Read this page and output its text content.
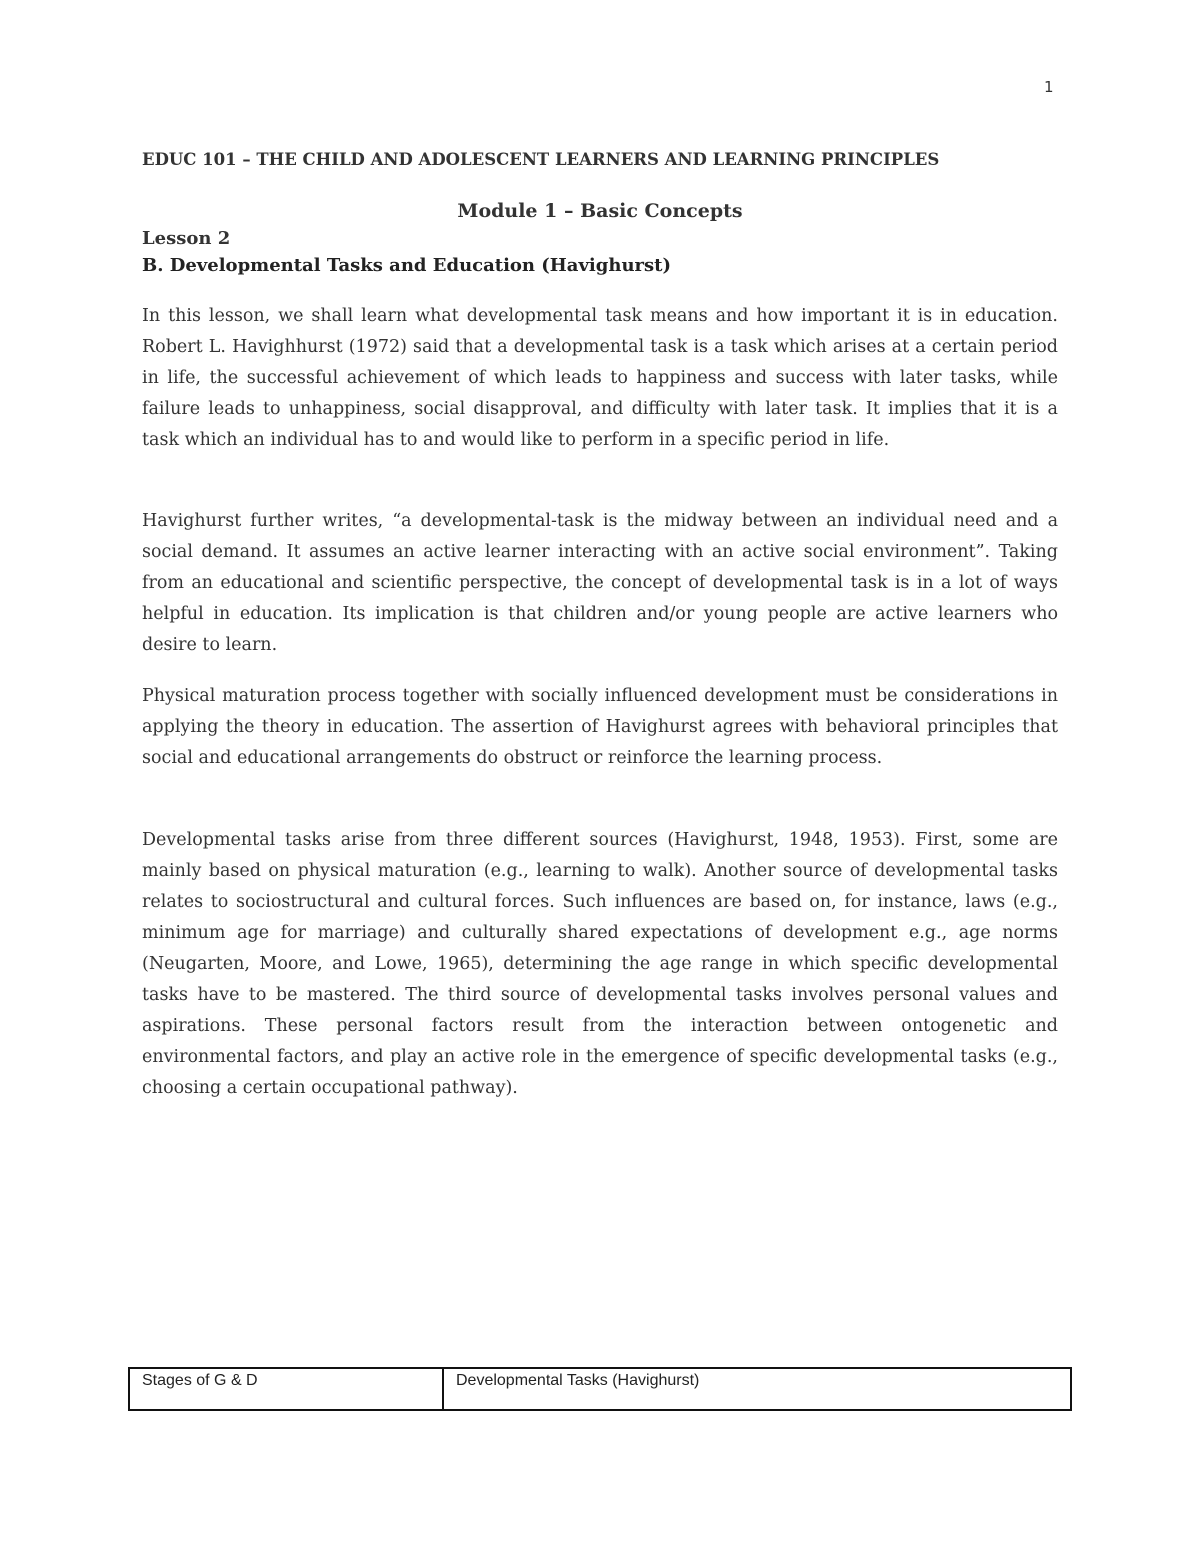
1
EDUC 101 – THE CHILD AND ADOLESCENT LEARNERS AND LEARNING PRINCIPLES
Module 1 – Basic Concepts
Lesson 2
B. Developmental Tasks and Education (Havighurst)

In this lesson, we shall learn what developmental task means and how important it is in education. Robert L. Havighhurst (1972) said that a developmental task is a task which arises at a certain period in life, the successful achievement of which leads to happiness and success with later tasks, while failure leads to unhappiness, social disapproval, and difficulty with later task. It implies that it is a task which an individual has to and would like to perform in a specific period in life.

Havighurst further writes, “a developmental-task is the midway between an individual need and a social demand. It assumes an active learner interacting with an active social environment”. Taking from an educational and scientific perspective, the concept of developmental task is in a lot of ways helpful in education. Its implication is that children and/or young people are active learners who desire to learn.

Physical maturation process together with socially influenced development must be considerations in applying the theory in education. The assertion of Havighurst agrees with behavioral principles that social and educational arrangements do obstruct or reinforce the learning process.

Developmental tasks arise from three different sources (Havighurst, 1948, 1953). First, some are mainly based on physical maturation (e.g., learning to walk). Another source of developmental tasks relates to sociostructural and cultural forces. Such influences are based on, for instance, laws (e.g., minimum age for marriage) and culturally shared expectations of development e.g., age norms (Neugarten, Moore, and Lowe, 1965), determining the age range in which specific developmental tasks have to be mastered. The third source of developmental tasks involves personal values and aspirations. These personal factors result from the interaction between ontogenetic and environmental factors, and play an active role in the emergence of specific developmental tasks (e.g., choosing a certain occupational pathway).

Stages of G & D	Developmental Tasks (Havighurst)
